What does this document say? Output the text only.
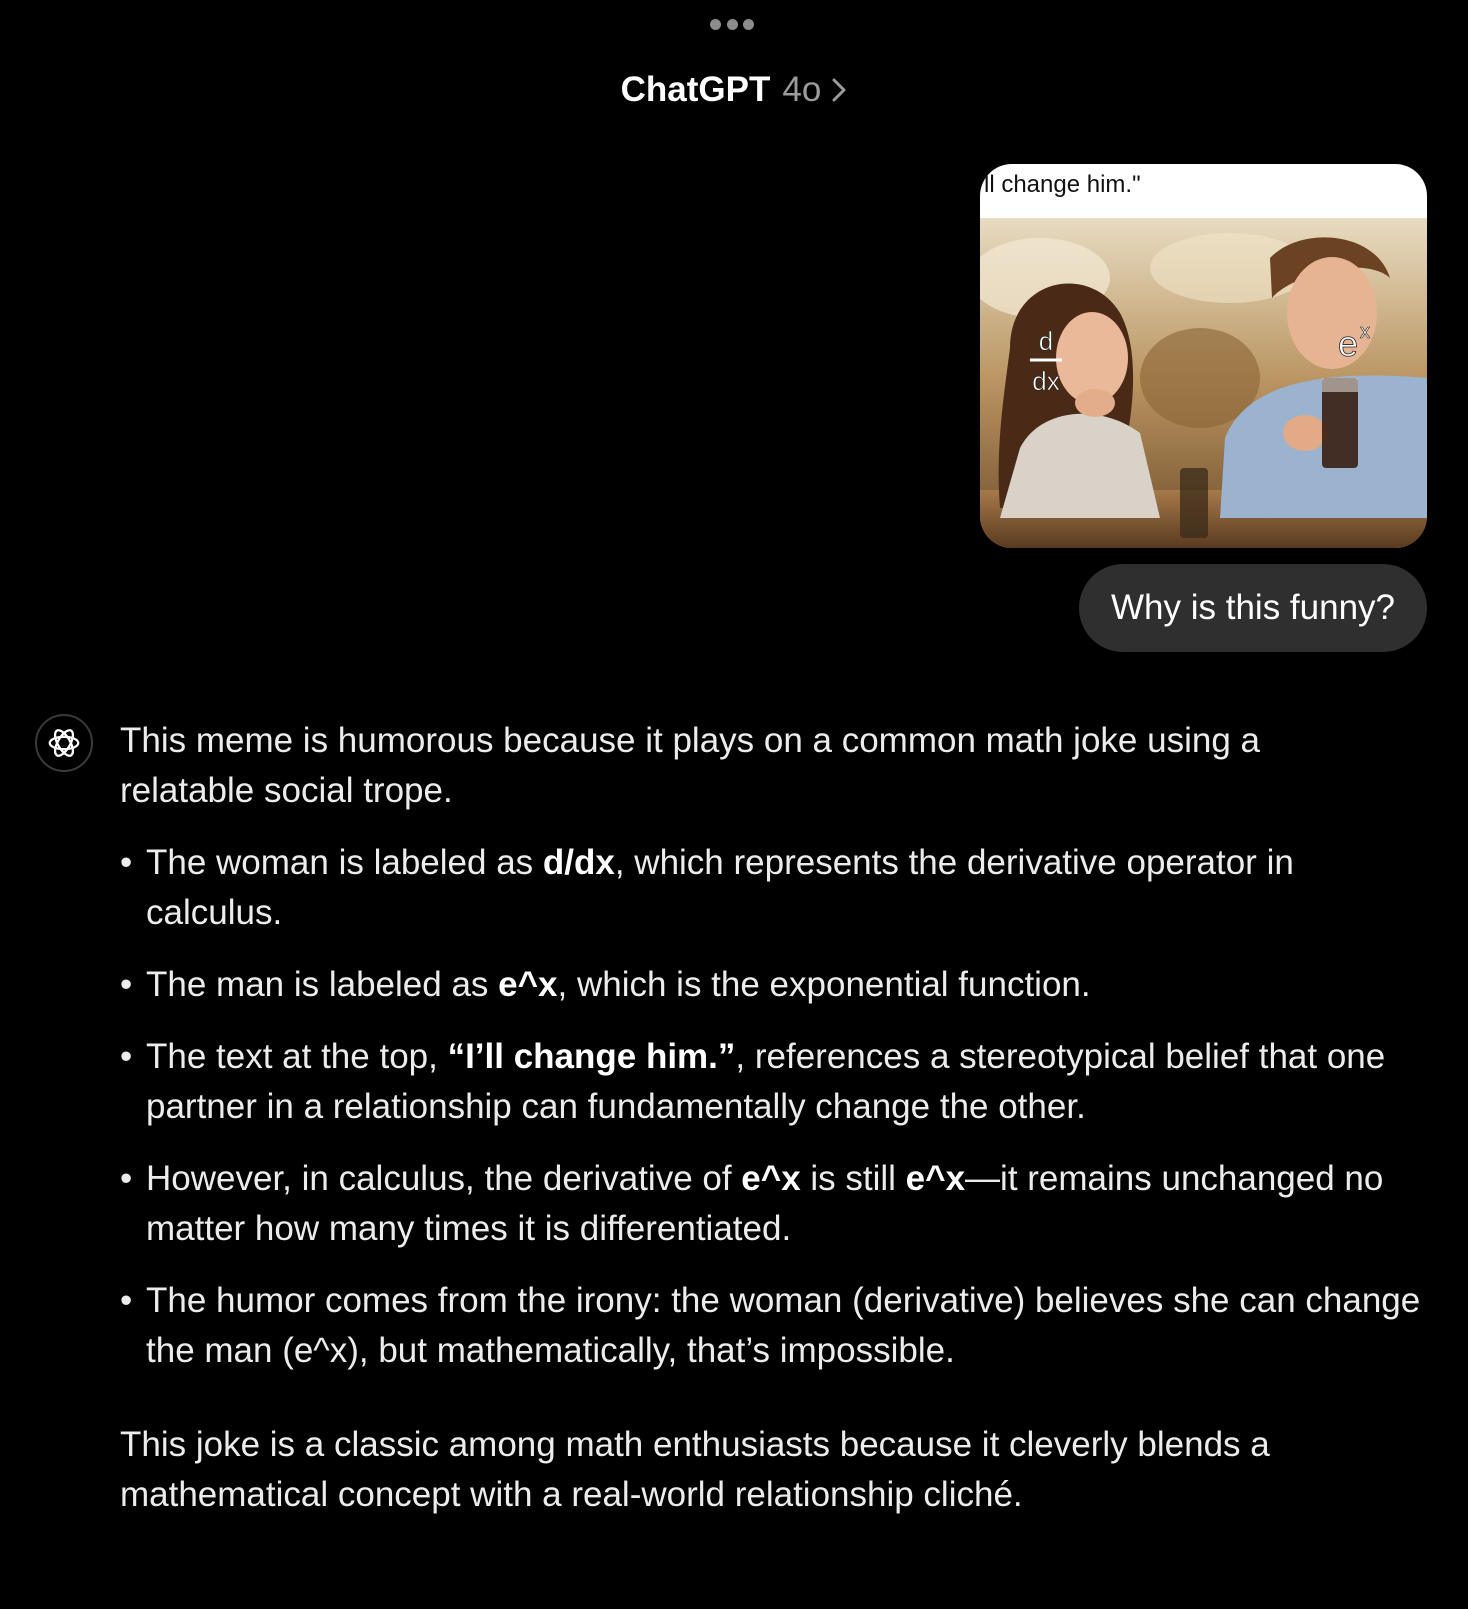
ChatGPT 4o
ll change him."
d
dx
e x
Why is this funny?

This meme is humorous because it plays on a common math joke using a relatable social trope.

• The woman is labeled as d/dx, which represents the derivative operator in calculus.
• The man is labeled as e^x, which is the exponential function.
• The text at the top, “I’ll change him.”, references a stereotypical belief that one partner in a relationship can fundamentally change the other.
• However, in calculus, the derivative of e^x is still e^x—it remains unchanged no matter how many times it is differentiated.
• The humor comes from the irony: the woman (derivative) believes she can change the man (e^x), but mathematically, that’s impossible.

This joke is a classic among math enthusiasts because it cleverly blends a mathematical concept with a real-world relationship cliché.
